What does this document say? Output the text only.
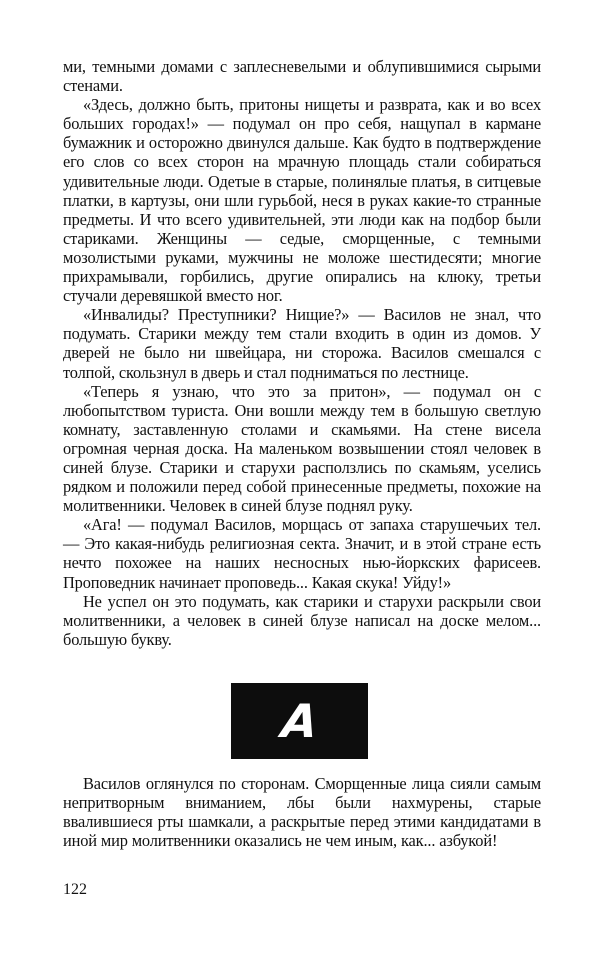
ми, темными домами с заплесневелыми и облупившимися сырыми стенами.

«Здесь, должно быть, притоны нищеты и разврата, как и во всех больших городах!» — подумал он про себя, нащупал в кармане бумажник и осторожно двинулся дальше. Как будто в подтверждение его слов со всех сторон на мрачную площадь стали собираться удивительные люди. Одетые в старые, полинялые платья, в ситцевые платки, в картузы, они шли гурьбой, неся в руках какие-то странные предметы. И что всего удивительней, эти люди как на подбор были стариками. Женщины — седые, сморщенные, с темными мозолистыми руками, мужчины не моложе шестидесяти; многие прихрамывали, горбились, другие опирались на клюку, третьи стучали деревяшкой вместо ног.

«Инвалиды? Преступники? Нищие?» — Василов не знал, что подумать. Старики между тем стали входить в один из домов. У дверей не было ни швейцара, ни сторожа. Василов смешался с толпой, скользнул в дверь и стал подниматься по лестнице.

«Теперь я узнаю, что это за притон», — подумал он с любопытством туриста. Они вошли между тем в большую светлую комнату, заставленную столами и скамьями. На стене висела огромная черная доска. На маленьком возвышении стоял человек в синей блузе. Старики и старухи расползлись по скамьям, уселись рядком и положили перед собой принесенные предметы, похожие на молитвенники. Человек в синей блузе поднял руку.

«Ага! — подумал Василов, морщась от запаха старушечьих тел. — Это какая-нибудь религиозная секта. Значит, и в этой стране есть нечто похожее на наших несносных нью-йоркских фарисеев. Проповедник начинает проповедь... Какая скука! Уйду!»

Не успел он это подумать, как старики и старухи раскрыли свои молитвенники, а человек в синей блузе написал на доске мелом... большую букву.

A

Василов оглянулся по сторонам. Сморщенные лица сияли самым непритворным вниманием, лбы были нахмурены, старые ввалившиеся рты шамкали, а раскрытые перед этими кандидатами в иной мир молитвенники оказались не чем иным, как... азбукой!

122
